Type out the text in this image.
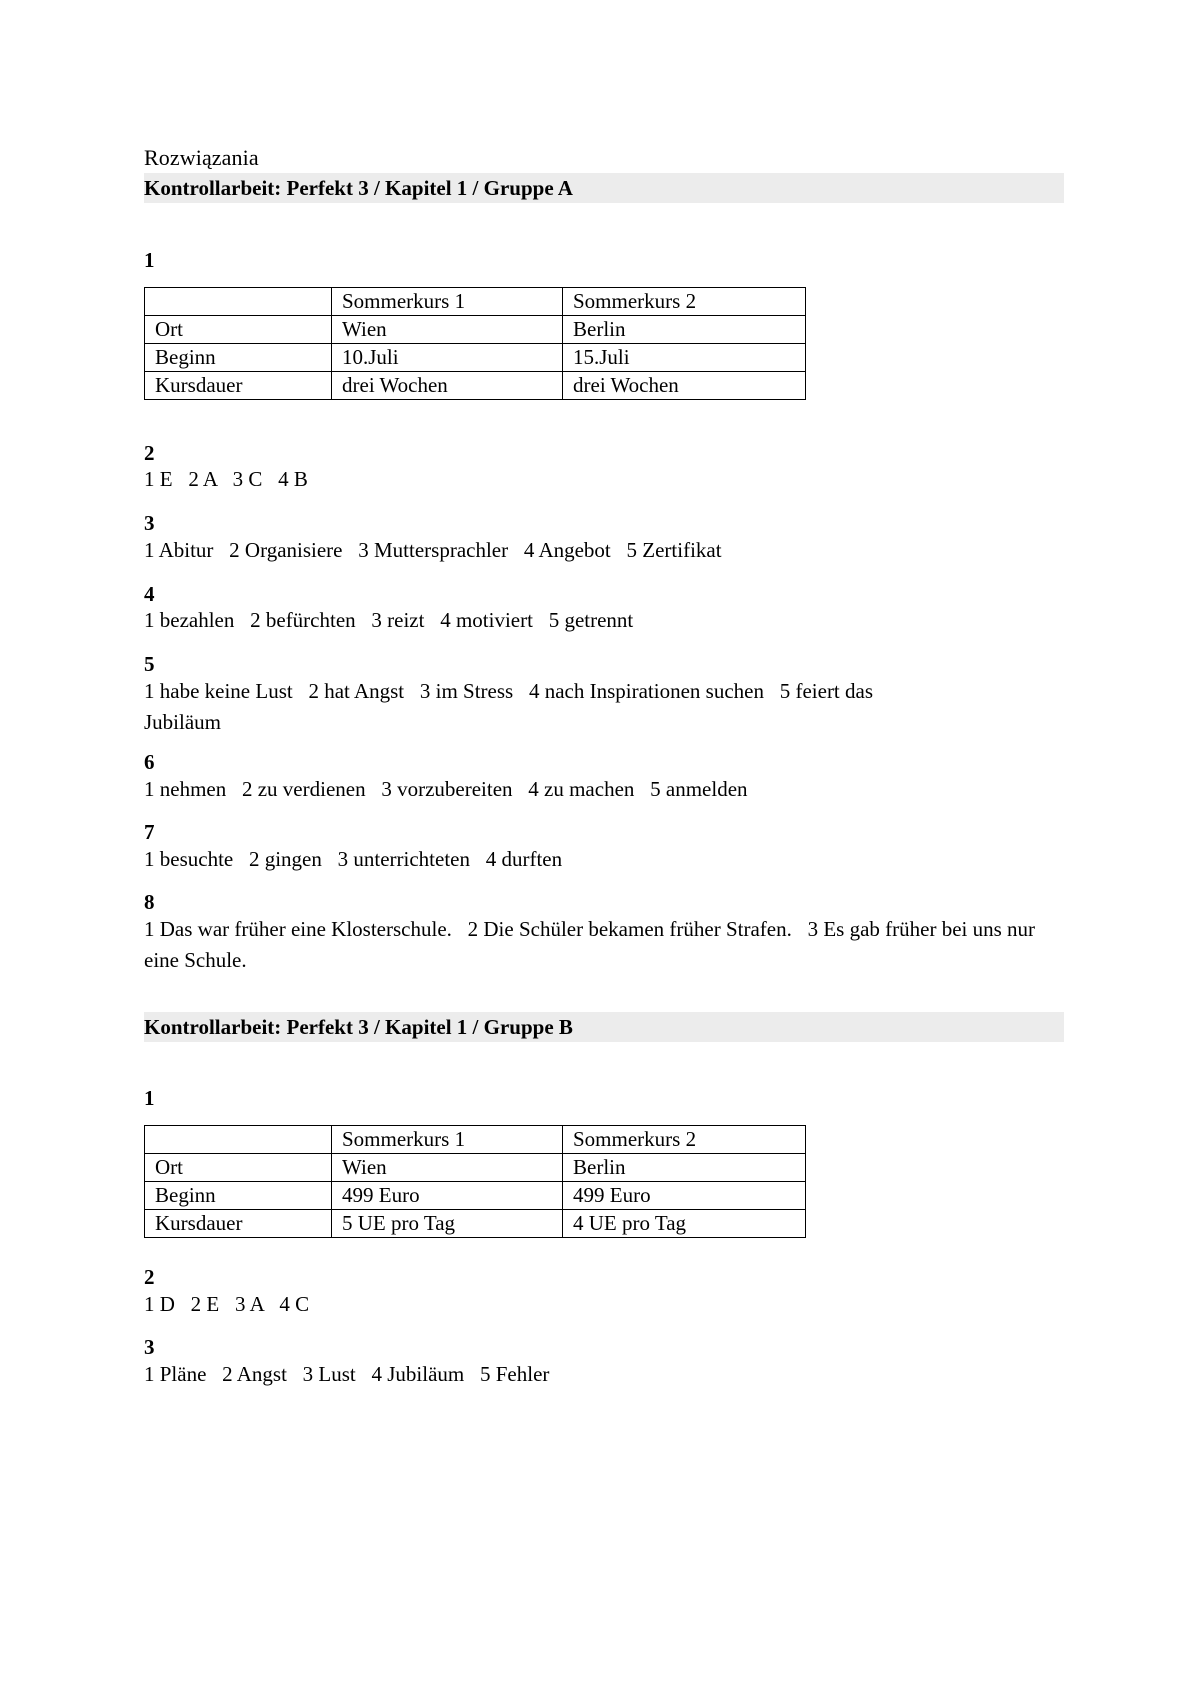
Rozwiązania
Kontrollarbeit: Perfekt 3 / Kapitel 1 / Gruppe A
1
	Sommerkurs 1	Sommerkurs 2
Ort	Wien	Berlin
Beginn	10.Juli	15.Juli
Kursdauer	drei Wochen	drei Wochen
2
1 E   2 A   3 C   4 B
3
1 Abitur   2 Organisiere   3 Muttersprachler   4 Angebot   5 Zertifikat
4
1 bezahlen   2 befürchten   3 reizt   4 motiviert   5 getrennt
5
1 habe keine Lust   2 hat Angst   3 im Stress   4 nach Inspirationen suchen   5 feiert das Jubiläum
6
1 nehmen   2 zu verdienen   3 vorzubereiten   4 zu machen   5 anmelden
7
1 besuchte   2 gingen   3 unterrichteten   4 durften
8
1 Das war früher eine Klosterschule.   2 Die Schüler bekamen früher Strafen.   3 Es gab früher bei uns nur eine Schule.
Kontrollarbeit: Perfekt 3 / Kapitel 1 / Gruppe B
1
	Sommerkurs 1	Sommerkurs 2
Ort	Wien	Berlin
Beginn	499 Euro	499 Euro
Kursdauer	5 UE pro Tag	4 UE pro Tag
2
1 D   2 E   3 A   4 C
3
1 Pläne   2 Angst   3 Lust   4 Jubiläum   5 Fehler
